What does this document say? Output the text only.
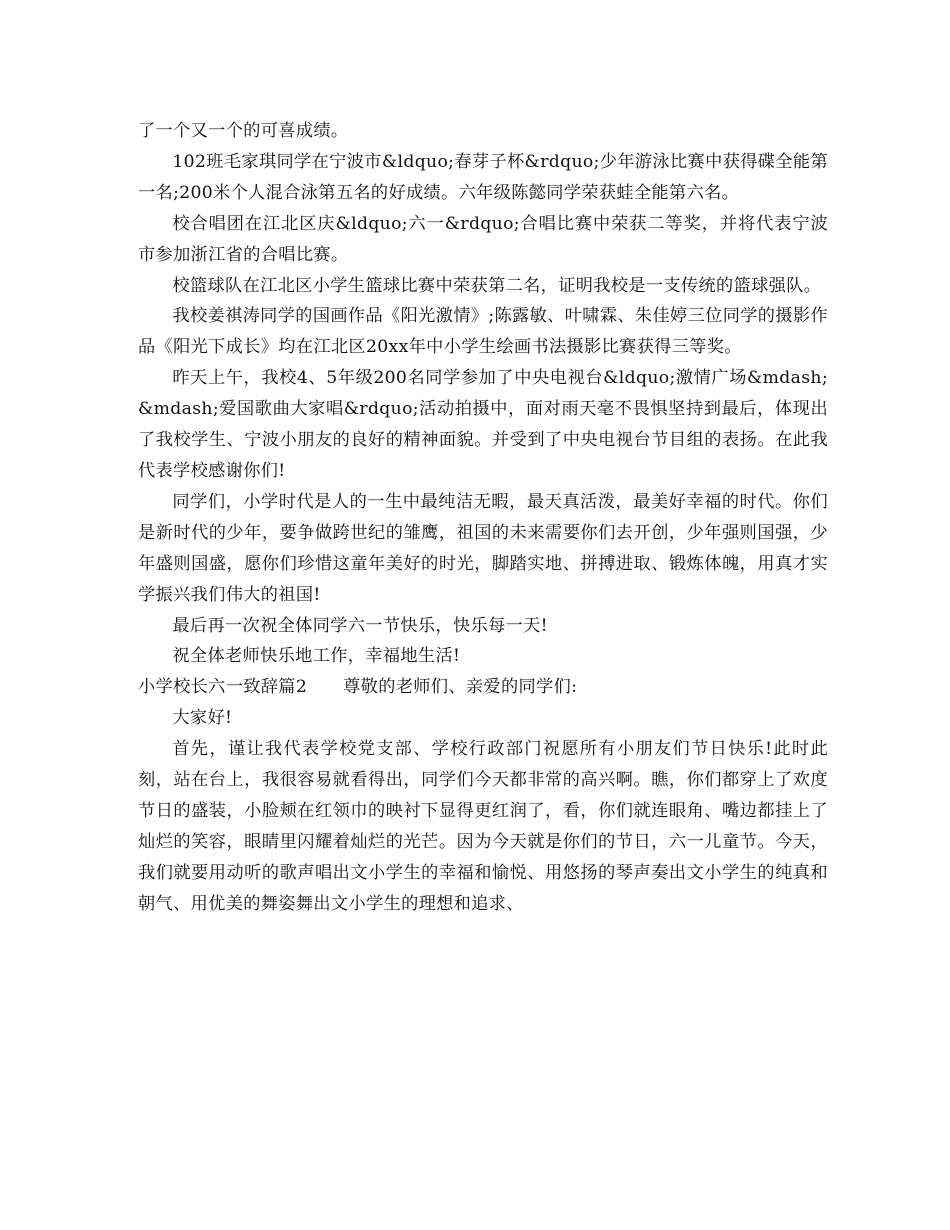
了一个又一个的可喜成绩。

102班毛家琪同学在宁波市&ldquo;春芽子杯&rdquo;少年游泳比赛中获得碟全能第一名;200米个人混合泳第五名的好成绩。六年级陈懿同学荣获蛙全能第六名。

校合唱团在江北区庆&ldquo;六一&rdquo;合唱比赛中荣获二等奖，并将代表宁波市参加浙江省的合唱比赛。

校篮球队在江北区小学生篮球比赛中荣获第二名，证明我校是一支传统的篮球强队。

我校姜祺涛同学的国画作品《阳光激情》;陈露敏、叶啸霖、朱佳婷三位同学的摄影作品《阳光下成长》均在江北区20xx年中小学生绘画书法摄影比赛获得三等奖。

昨天上午，我校4、5年级200名同学参加了中央电视台&ldquo;激情广场&mdash;&mdash;爱国歌曲大家唱&rdquo;活动拍摄中，面对雨天毫不畏惧坚持到最后，体现出了我校学生、宁波小朋友的良好的精神面貌。并受到了中央电视台节目组的表扬。在此我代表学校感谢你们!

同学们，小学时代是人的一生中最纯洁无暇，最天真活泼，最美好幸福的时代。你们是新时代的少年，要争做跨世纪的雏鹰，祖国的未来需要你们去开创，少年强则国强，少年盛则国盛，愿你们珍惜这童年美好的时光，脚踏实地、拼搏进取、锻炼体魄，用真才实学振兴我们伟大的祖国!

最后再一次祝全体同学六一节快乐，快乐每一天!

祝全体老师快乐地工作，幸福地生活!

小学校长六一致辞篇2 尊敬的老师们、亲爱的同学们:

大家好!

首先，谨让我代表学校党支部、学校行政部门祝愿所有小朋友们节日快乐!此时此刻，站在台上，我很容易就看得出，同学们今天都非常的高兴啊。瞧，你们都穿上了欢度节日的盛装，小脸颊在红领巾的映衬下显得更红润了，看，你们就连眼角、嘴边都挂上了灿烂的笑容，眼睛里闪耀着灿烂的光芒。因为今天就是你们的节日，六一儿童节。今天，我们就要用动听的歌声唱出文小学生的幸福和愉悦、用悠扬的琴声奏出文小学生的纯真和朝气、用优美的舞姿舞出文小学生的理想和追求、
